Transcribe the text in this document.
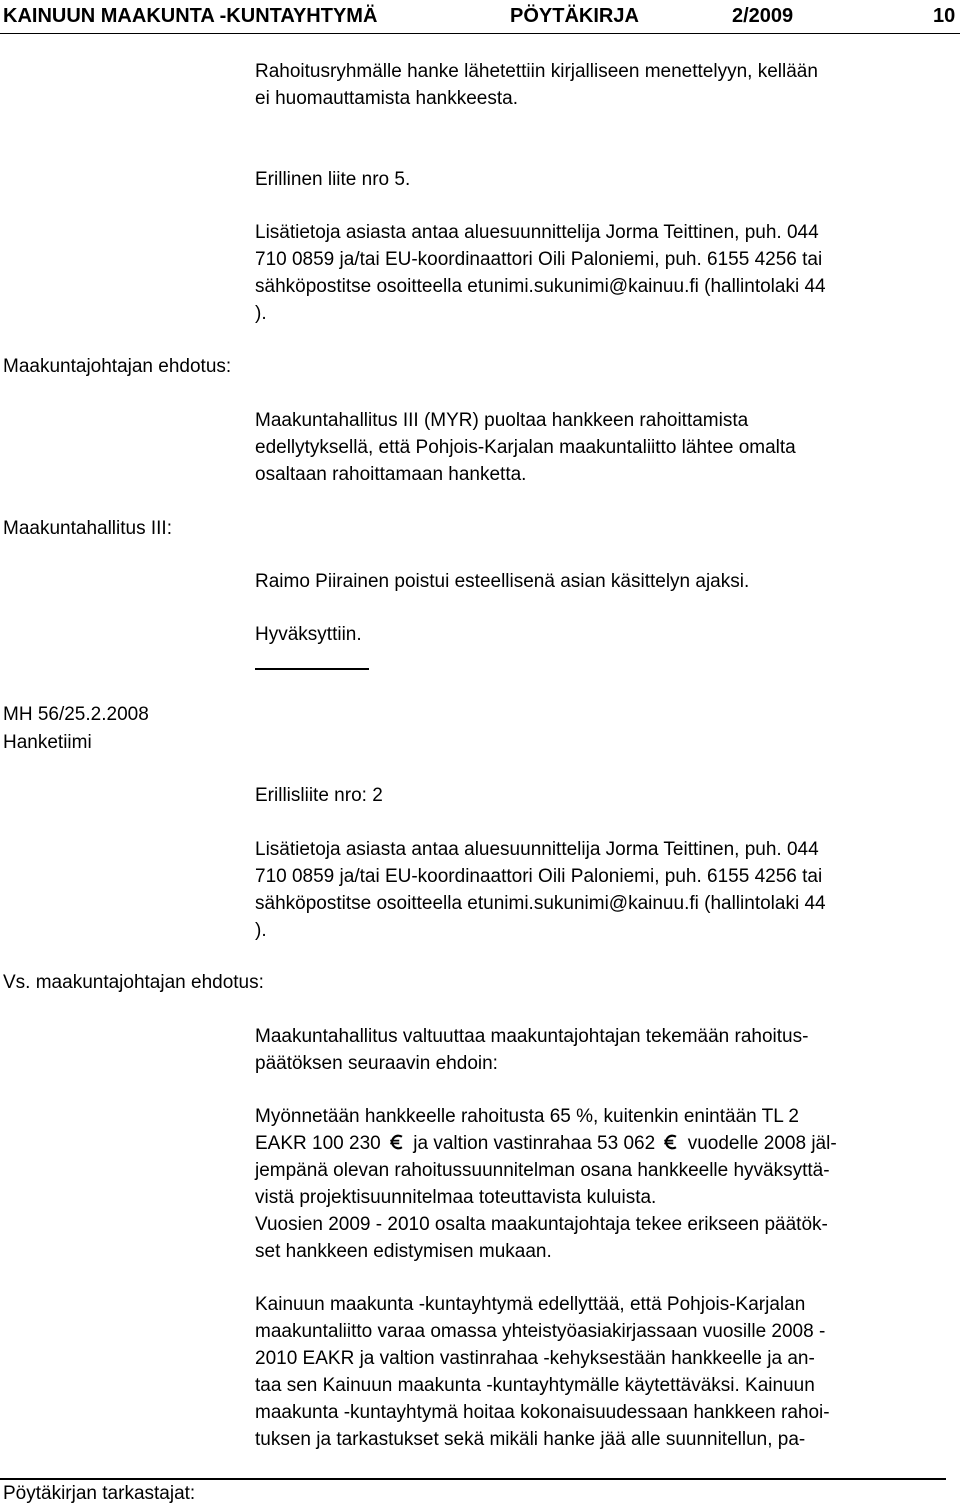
KAINUUN MAAKUNTA -KUNTAYHTYMÄ	PÖYTÄKIRJA	2/2009	10
Maakuntajohtajan ehdotus:
Maakuntahallitus III:
MH 56/25.2.2008
Hanketiimi
Vs. maakuntajohtajan ehdotus:
Rahoitusryhmälle hanke lähetettiin kirjalliseen menettelyyn, kellään
ei huomauttamista hankkeesta.
Erillinen liite nro 5.
Lisätietoja asiasta antaa aluesuunnittelija Jorma Teittinen, puh. 044
710 0859 ja/tai EU-koordinaattori Oili Paloniemi, puh. 6155 4256 tai
sähköpostitse osoitteella etunimi.sukunimi@kainuu.fi (hallintolaki 44
).
Maakuntahallitus III (MYR) puoltaa hankkeen rahoittamista
edellytyksellä, että Pohjois-Karjalan maakuntaliitto lähtee omalta
osaltaan rahoittamaan hanketta.
Raimo Piirainen poistui esteellisenä asian käsittelyn ajaksi.
Hyväksyttiin.
Erillisliite nro: 2
Lisätietoja asiasta antaa aluesuunnittelija Jorma Teittinen, puh. 044
710 0859 ja/tai EU-koordinaattori Oili Paloniemi, puh. 6155 4256 tai
sähköpostitse osoitteella etunimi.sukunimi@kainuu.fi (hallintolaki 44
).
Maakuntahallitus valtuuttaa maakuntajohtajan tekemään rahoitus-
päätöksen seuraavin ehdoin:
Myönnetään hankkeelle rahoitusta 65 %, kuitenkin enintään TL 2
EAKR 100 230 ja valtion vastinrahaa 53 062 vuodelle 2008 jäl-
jempänä olevan rahoitussuunnitelman osana hankkeelle hyväksyttä-
vistä projektisuunnitelmaa toteuttavista kuluista.
Vuosien 2009 - 2010 osalta maakuntajohtaja tekee erikseen päätök-
set hankkeen edistymisen mukaan.
Kainuun maakunta -kuntayhtymä edellyttää, että Pohjois-Karjalan
maakuntaliitto varaa omassa yhteistyöasiakirjassaan vuosille 2008 -
2010 EAKR ja valtion vastinrahaa -kehyksestään hankkeelle ja an-
taa sen Kainuun maakunta -kuntayhtymälle käytettäväksi. Kainuun
maakunta -kuntayhtymä hoitaa kokonaisuudessaan hankkeen rahoi-
tuksen ja tarkastukset sekä mikäli hanke jää alle suunnitellun, pa-
Pöytäkirjan tarkastajat:
